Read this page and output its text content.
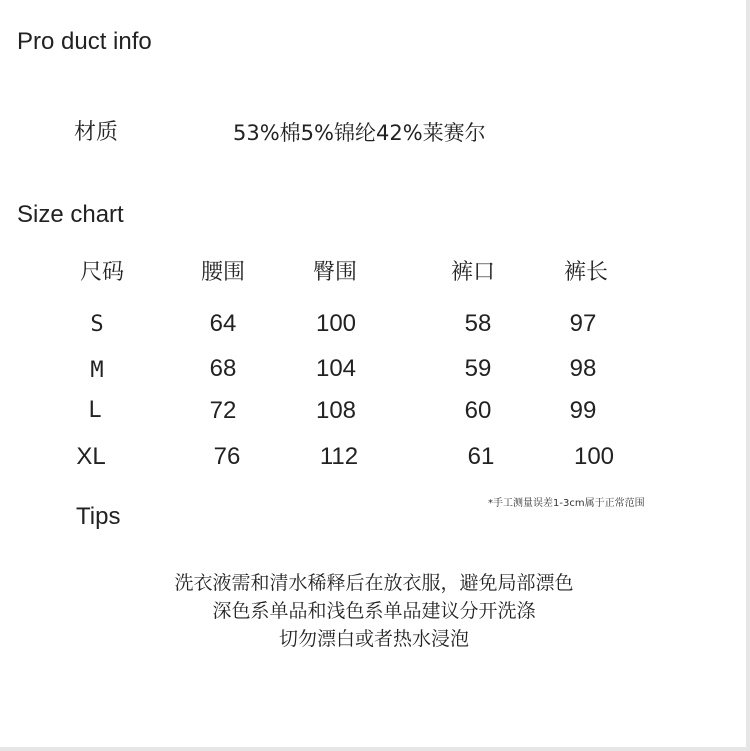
Pro duct info
材质	53%棉5%锦纶42%莱赛尔
Size chart
尺码	腰围	臀围	裤口	裤长
S	64	100	58	97
M	68	104	59	98
L	72	108	60	99
XL	76	112	61	100
*手工测量误差1-3cm属于正常范围
Tips
洗衣液需和清水稀释后在放衣服，避免局部漂色
深色系单品和浅色系单品建议分开洗涤
切勿漂白或者热水浸泡
